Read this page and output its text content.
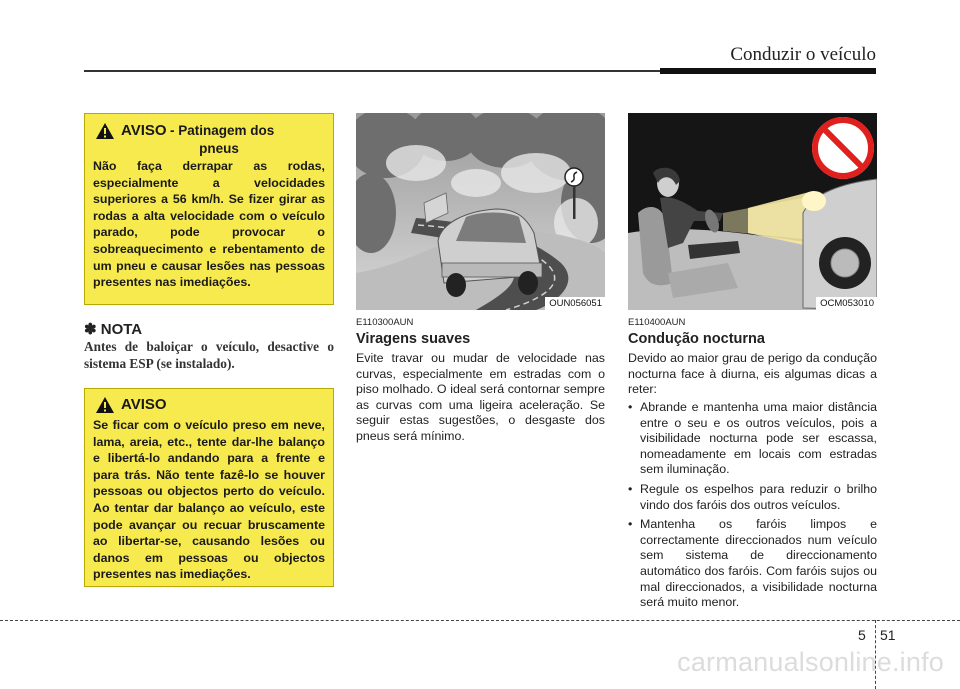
Conduzir o veículo
AVISO - Patinagem dos
pneus
Não faça derrapar as rodas, especialmente a velocidades superiores a 56 km/h. Se fizer girar as rodas a alta velocidade com o veículo parado, pode provocar o sobreaquecimento e rebentamento de um pneu e causar lesões nas pessoas presentes nas imediações.
✽ NOTA
Antes de baloiçar o veículo, desactive o sistema ESP (se instalado).
AVISO
Se ficar com o veículo preso em neve, lama, areia, etc., tente dar-lhe balanço e libertá-lo andando para a frente e para trás. Não tente fazê-lo se houver pessoas ou objectos perto do veículo. Ao tentar dar balanço ao veículo, este pode avançar ou recuar bruscamente ao libertar-se, causando lesões ou danos em pessoas ou objectos presentes nas imediações.
OUN056051
E110300AUN
Viragens suaves
Evite travar ou mudar de velocidade nas curvas, especialmente em estradas com o piso molhado. O ideal será contornar sempre as curvas com uma ligeira aceleração. Se seguir estas sugestões, o desgaste dos pneus será mínimo.
OCM053010
E110400AUN
Condução nocturna
Devido ao maior grau de perigo da condução nocturna face à diurna, eis algumas dicas a reter:
• Abrande e mantenha uma maior distância entre o seu e os outros veículos, pois a visibilidade nocturna pode ser escassa, nomeadamente em locais com estradas sem iluminação.
• Regule os espelhos para reduzir o brilho vindo dos faróis dos outros veículos.
• Mantenha os faróis limpos e correctamente direccionados num veículo sem sistema de direccionamento automático dos faróis. Com faróis sujos ou mal direccionados, a visibilidade nocturna será muito menor.
5 51
carmanualsonline.info
